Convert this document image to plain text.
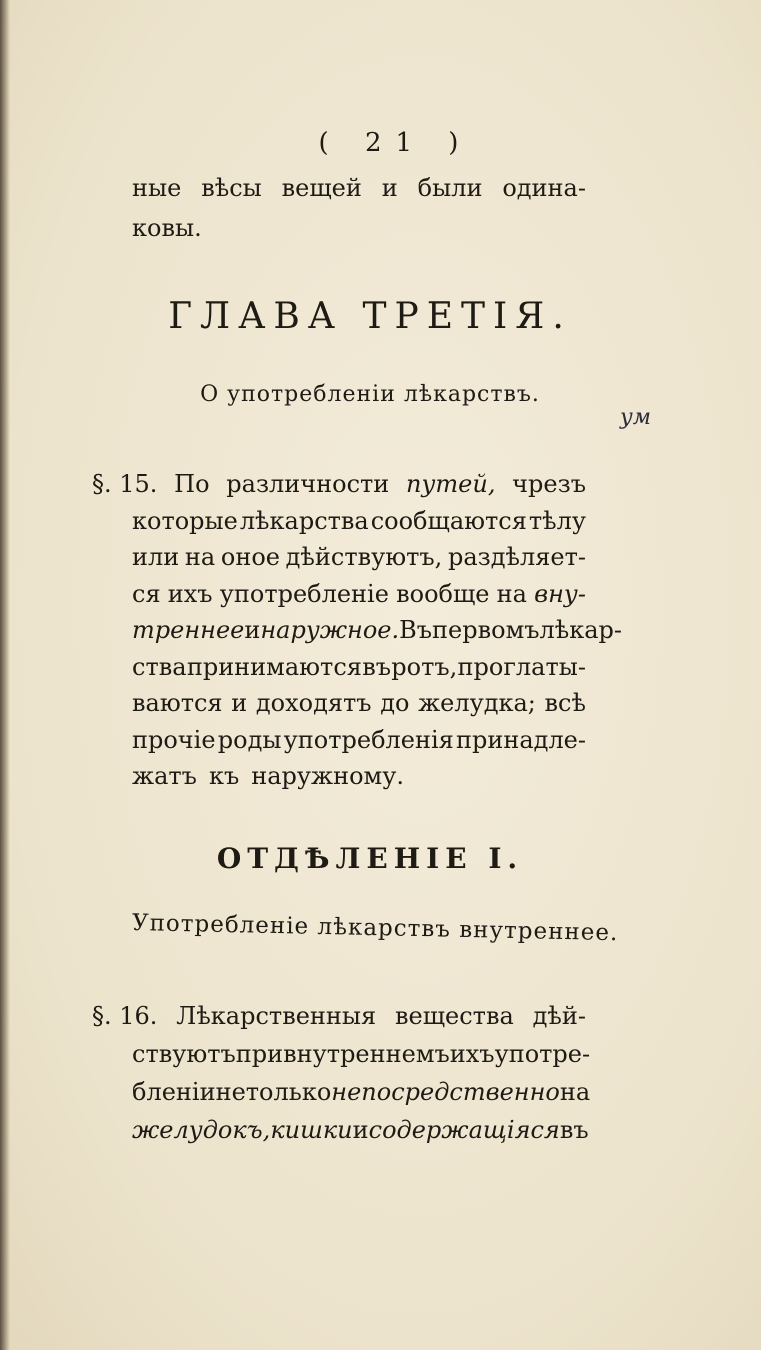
( 21 )
ные вѣсы вещей и были одина-
ковы.
ГЛАВА ТРЕТІЯ.
О употребленіи лѣкарствъ.
ум
§. 15. По различности путей, чрезъ
которые лѣкарства сообщаются тѣлу
или на оное дѣйствуютъ, раздѣляет-
ся ихъ употребленіе вообще на вну-
треннее и наружное. Въ первомъ лѣкар-
ства принимаются въ ротъ, проглаты-
ваются и доходятъ до желудка; всѣ
прочіе роды употребленія принадле-
жатъ къ наружному.
ОТДѢЛЕНІЕ I.
Употребленіе лѣкарствъ внутреннее.
§. 16. Лѣкарственныя вещества дѣй-
ствуютъ при внутреннемъ ихъ употре-
бленіи не только непосредственно на
желудокъ, кишки и содержащіяся въ
